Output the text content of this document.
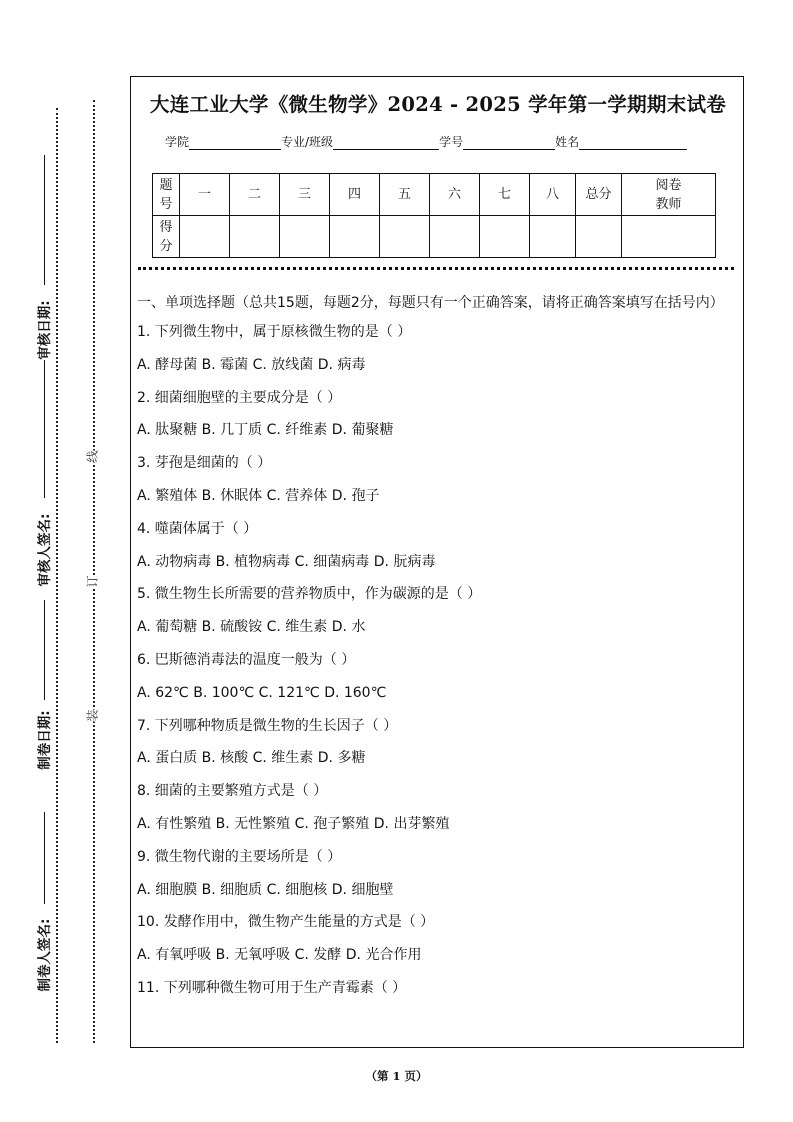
审核日期:
审核人签名:
制卷日期:
制卷人签名:
线
订
装
大连工业大学《微生物学》2024 - 2025 学年第一学期期末试卷
学院	专业/班级	学号	姓名
题
号	一	二	三	四	五	六	七	八	总分	阅卷
教师
得
分										
一、单项选择题（总共15题，每题2分，每题只有一个正确答案，请将正确答案填写在括号内）
1. 下列微生物中，属于原核微生物的是（ ）
A. 酵母菌 B. 霉菌 C. 放线菌 D. 病毒
2. 细菌细胞壁的主要成分是（ ）
A. 肽聚糖 B. 几丁质 C. 纤维素 D. 葡聚糖
3. 芽孢是细菌的（ ）
A. 繁殖体 B. 休眠体 C. 营养体 D. 孢子
4. 噬菌体属于（ ）
A. 动物病毒 B. 植物病毒 C. 细菌病毒 D. 朊病毒
5. 微生物生长所需要的营养物质中，作为碳源的是（ ）
A. 葡萄糖 B. 硫酸铵 C. 维生素 D. 水
6. 巴斯德消毒法的温度一般为（ ）
A. 62℃ B. 100℃ C. 121℃ D. 160℃
7. 下列哪种物质是微生物的生长因子（ ）
A. 蛋白质 B. 核酸 C. 维生素 D. 多糖
8. 细菌的主要繁殖方式是（ ）
A. 有性繁殖 B. 无性繁殖 C. 孢子繁殖 D. 出芽繁殖
9. 微生物代谢的主要场所是（ ）
A. 细胞膜 B. 细胞质 C. 细胞核 D. 细胞壁
10. 发酵作用中，微生物产生能量的方式是（ ）
A. 有氧呼吸 B. 无氧呼吸 C. 发酵 D. 光合作用
11. 下列哪种微生物可用于生产青霉素（ ）
（第 1 页）
